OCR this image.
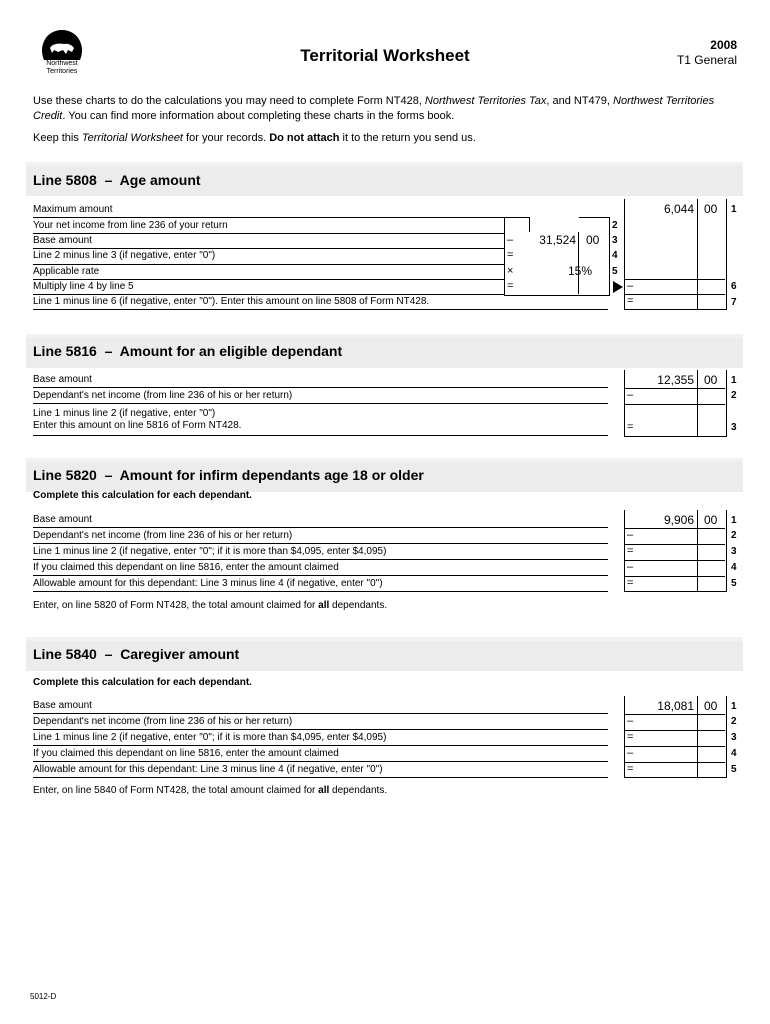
Northwest
Territories
Territorial Worksheet
2008
T1 General
Use these charts to do the calculations you may need to complete Form NT428, Northwest Territories Tax, and NT479, Northwest Territories Credit. You can find more information about completing these charts in the forms book.
Keep this Territorial Worksheet for your records. Do not attach it to the return you send us.
Line 5808 – Age amount
Maximum amount
Your net income from line 236 of your return
Base amount
Line 2 minus line 3 (if negative, enter "0")
Applicable rate
Multiply line 4 by line 5
Line 1 minus line 6 (if negative, enter "0"). Enter this amount on line 5808 of Form NT428.
–	31,524 00
=
×	15%
=
2
3
4
5
6,044 00
–
=
1
6
7
Line 5816 – Amount for an eligible dependant
Base amount
Dependant's net income (from line 236 of his or her return)
Line 1 minus line 2 (if negative, enter "0")
Enter this amount on line 5816 of Form NT428.
12,355 00
–
=
1
2
3
Line 5820 – Amount for infirm dependants age 18 or older
Complete this calculation for each dependant.
Base amount
Dependant's net income (from line 236 of his or her return)
Line 1 minus line 2 (if negative, enter "0"; if it is more than $4,095, enter $4,095)
If you claimed this dependant on line 5816, enter the amount claimed
Allowable amount for this dependant: Line 3 minus line 4 (if negative, enter "0")
9,906 00
–
=
–
=
1
2
3
4
5
Enter, on line 5820 of Form NT428, the total amount claimed for all dependants.
Line 5840 – Caregiver amount
Complete this calculation for each dependant.
Base amount
Dependant's net income (from line 236 of his or her return)
Line 1 minus line 2 (if negative, enter "0"; if it is more than $4,095, enter $4,095)
If you claimed this dependant on line 5816, enter the amount claimed
Allowable amount for this dependant: Line 3 minus line 4 (if negative, enter "0")
18,081 00
–
=
–
=
1
2
3
4
5
Enter, on line 5840 of Form NT428, the total amount claimed for all dependants.
5012-D
